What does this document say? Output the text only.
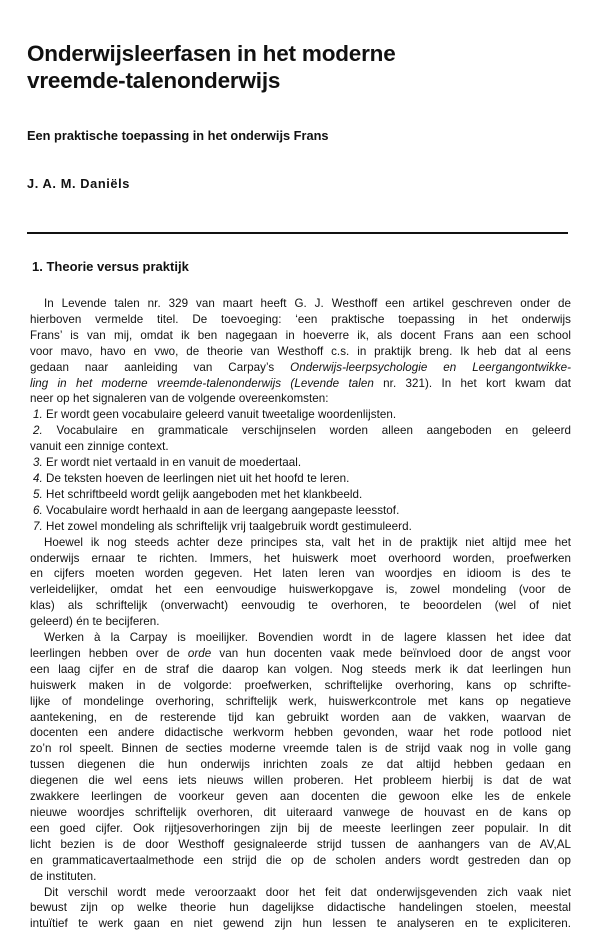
Onderwijsleerfasen in het moderne
vreemde-talenonderwijs
Een praktische toepassing in het onderwijs Frans

J. A. M. Daniëls

1. Theorie versus praktijk
In Levende talen nr. 329 van maart heeft G. J. Westhoff een artikel geschreven onder de
hierboven vermelde titel. De toevoeging: ‘een praktische toepassing in het onderwijs
Frans’ is van mij, omdat ik ben nagegaan in hoeverre ik, als docent Frans aan een school
voor mavo, havo en vwo, de theorie van Westhoff c.s. in praktijk breng. Ik heb dat al eens
gedaan naar aanleiding van Carpay’s Onderwijs-leerpsychologie en Leergangontwikke-
ling in het moderne vreemde-talenonderwijs (Levende talen nr. 321). In het kort kwam dat
neer op het signaleren van de volgende overeenkomsten:
1. Er wordt geen vocabulaire geleerd vanuit tweetalige woordenlijsten.
2. Vocabulaire en grammaticale verschijnselen worden alleen aangeboden en geleerd
vanuit een zinnige context.
3. Er wordt niet vertaald in en vanuit de moedertaal.
4. De teksten hoeven de leerlingen niet uit het hoofd te leren.
5. Het schriftbeeld wordt gelijk aangeboden met het klankbeeld.
6. Vocabulaire wordt herhaald in aan de leergang aangepaste leesstof.
7. Het zowel mondeling als schriftelijk vrij taalgebruik wordt gestimuleerd.
Hoewel ik nog steeds achter deze principes sta, valt het in de praktijk niet altijd mee het
onderwijs ernaar te richten. Immers, het huiswerk moet overhoord worden, proefwerken
en cijfers moeten worden gegeven. Het laten leren van woordjes en idioom is des te
verleidelijker, omdat het een eenvoudige huiswerkopgave is, zowel mondeling (voor de
klas) als schriftelijk (onverwacht) eenvoudig te overhoren, te beoordelen (wel of niet
geleerd) én te becijferen.
Werken à la Carpay is moeilijker. Bovendien wordt in de lagere klassen het idee dat
leerlingen hebben over de orde van hun docenten vaak mede beïnvloed door de angst voor
een laag cijfer en de straf die daarop kan volgen. Nog steeds merk ik dat leerlingen hun
huiswerk maken in de volgorde: proefwerken, schriftelijke overhoring, kans op schrifte-
lijke of mondelinge overhoring, schriftelijk werk, huiswerkcontrole met kans op negatieve
aantekening, en de resterende tijd kan gebruikt worden aan de vakken, waarvan de
docenten een andere didactische werkvorm hebben gevonden, waar het rode potlood niet
zo’n rol speelt. Binnen de secties moderne vreemde talen is de strijd vaak nog in volle gang
tussen diegenen die hun onderwijs inrichten zoals ze dat altijd hebben gedaan en
diegenen die wel eens iets nieuws willen proberen. Het probleem hierbij is dat de wat
zwakkere leerlingen de voorkeur geven aan docenten die gewoon elke les de enkele
nieuwe woordjes schriftelijk overhoren, dit uiteraard vanwege de houvast en de kans op
een goed cijfer. Ook rijtjesoverhoringen zijn bij de meeste leerlingen zeer populair. In dit
licht bezien is de door Westhoff gesignaleerde strijd tussen de aanhangers van de AV,AL
en grammaticavertaalmethode een strijd die op de scholen anders wordt gestreden dan op
de instituten.
Dit verschil wordt mede veroorzaakt door het feit dat onderwijsgevenden zich vaak niet
bewust zijn op welke theorie hun dagelijkse didactische handelingen stoelen, meestal
intuïtief te werk gaan en niet gewend zijn hun lessen te analyseren en te expliciteren.
